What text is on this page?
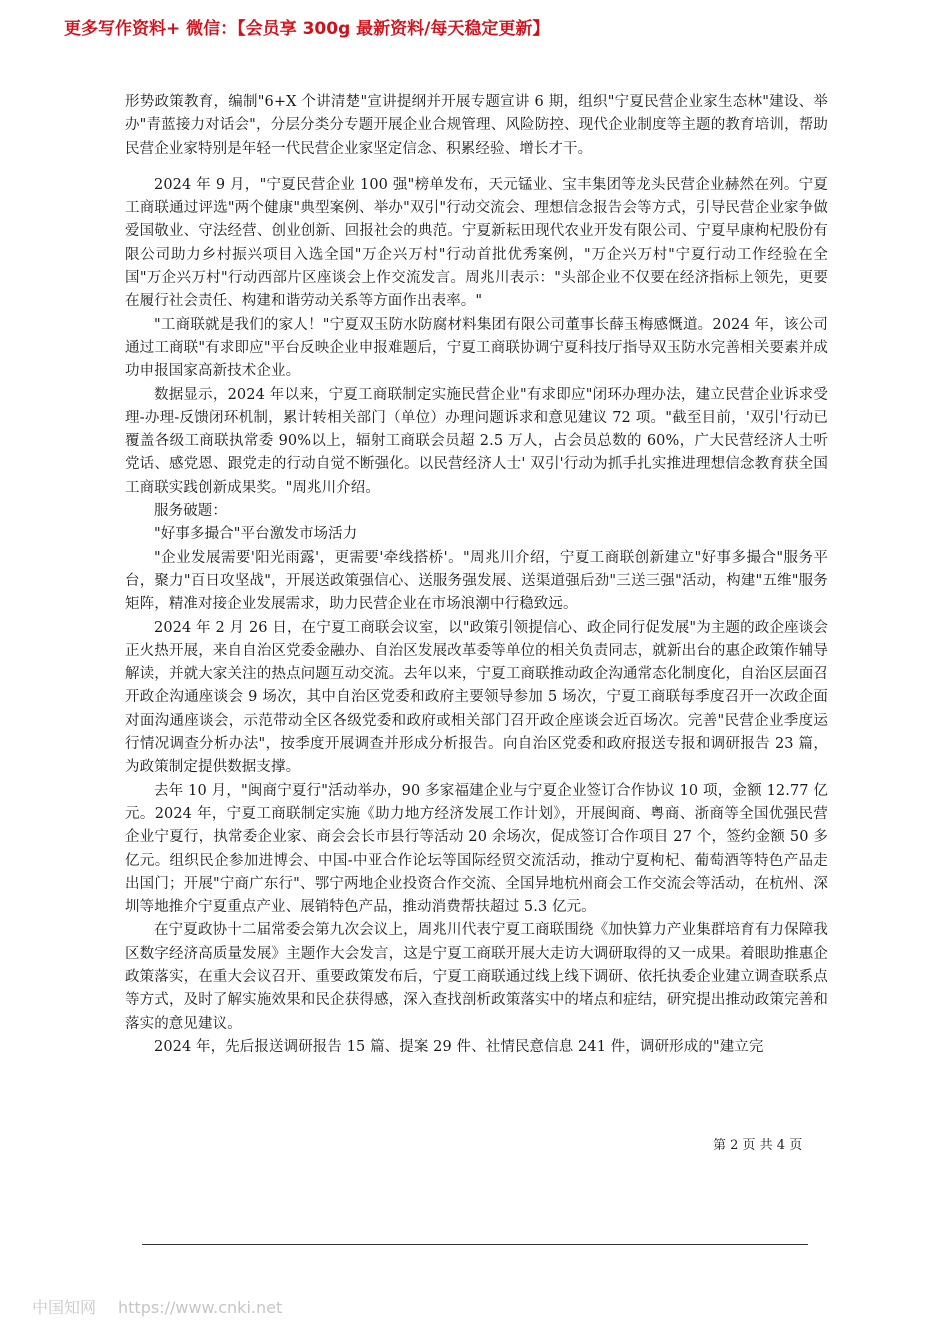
更多写作资料+ 微信：【会员享 300g 最新资料/每天稳定更新】

形势政策教育，编制"6+X 个讲清楚"宣讲提纲并开展专题宣讲 6 期，组织"宁夏民营企业家生态林"建设、举办"青蓝接力对话会"，分层分类分专题开展企业合规管理、风险防控、现代企业制度等主题的教育培训，帮助民营企业家特别是年轻一代民营企业家坚定信念、积累经验、增长才干。

2024 年 9 月，"宁夏民营企业 100 强"榜单发布，天元锰业、宝丰集团等龙头民营企业赫然在列。宁夏工商联通过评选"两个健康"典型案例、举办"双引"行动交流会、理想信念报告会等方式，引导民营企业家争做爱国敬业、守法经营、创业创新、回报社会的典范。宁夏新耘田现代农业开发有限公司、宁夏早康枸杞股份有限公司助力乡村振兴项目入选全国"万企兴万村"行动首批优秀案例，"万企兴万村"宁夏行动工作经验在全国"万企兴万村"行动西部片区座谈会上作交流发言。周兆川表示："头部企业不仅要在经济指标上领先，更要在履行社会责任、构建和谐劳动关系等方面作出表率。"

"工商联就是我们的家人！"宁夏双玉防水防腐材料集团有限公司董事长薛玉梅感慨道。2024 年，该公司通过工商联"有求即应"平台反映企业申报难题后，宁夏工商联协调宁夏科技厅指导双玉防水完善相关要素并成功申报国家高新技术企业。

数据显示，2024 年以来，宁夏工商联制定实施民营企业"有求即应"闭环办理办法，建立民营企业诉求受理-办理-反馈闭环机制，累计转相关部门（单位）办理问题诉求和意见建议 72 项。"截至目前，'双引'行动已覆盖各级工商联执常委 90%以上，辐射工商联会员超 2.5 万人，占会员总数的 60%，广大民营经济人士听党话、感党恩、跟党走的行动自觉不断强化。以民营经济人士' 双引'行动为抓手扎实推进理想信念教育获全国工商联实践创新成果奖。"周兆川介绍。

服务破题：

"好事多撮合"平台激发市场活力

"企业发展需要'阳光雨露'，更需要'牵线搭桥'。"周兆川介绍，宁夏工商联创新建立"好事多撮合"服务平台，聚力"百日攻坚战"，开展送政策强信心、送服务强发展、送渠道强后劲"三送三强"活动，构建"五维"服务矩阵，精准对接企业发展需求，助力民营企业在市场浪潮中行稳致远。

2024 年 2 月 26 日，在宁夏工商联会议室，以"政策引领提信心、政企同行促发展"为主题的政企座谈会正火热开展，来自自治区党委金融办、自治区发展改革委等单位的相关负责同志，就新出台的惠企政策作辅导解读，并就大家关注的热点问题互动交流。去年以来，宁夏工商联推动政企沟通常态化制度化，自治区层面召开政企沟通座谈会 9 场次，其中自治区党委和政府主要领导参加 5 场次，宁夏工商联每季度召开一次政企面对面沟通座谈会，示范带动全区各级党委和政府或相关部门召开政企座谈会近百场次。完善"民营企业季度运行情况调查分析办法"，按季度开展调查并形成分析报告。向自治区党委和政府报送专报和调研报告 23 篇，为政策制定提供数据支撑。

去年 10 月，"闽商宁夏行"活动举办，90 多家福建企业与宁夏企业签订合作协议 10 项，金额 12.77 亿元。2024 年，宁夏工商联制定实施《助力地方经济发展工作计划》，开展闽商、粤商、浙商等全国优强民营企业宁夏行，执常委企业家、商会会长市县行等活动 20 余场次，促成签订合作项目 27 个，签约金额 50 多亿元。组织民企参加进博会、中国-中亚合作论坛等国际经贸交流活动，推动宁夏枸杞、葡萄酒等特色产品走出国门；开展"宁商广东行"、鄂宁两地企业投资合作交流、全国异地杭州商会工作交流会等活动，在杭州、深圳等地推介宁夏重点产业、展销特色产品，推动消费帮扶超过 5.3 亿元。

在宁夏政协十二届常委会第九次会议上，周兆川代表宁夏工商联围绕《加快算力产业集群培育有力保障我区数字经济高质量发展》主题作大会发言，这是宁夏工商联开展大走访大调研取得的又一成果。着眼助推惠企政策落实，在重大会议召开、重要政策发布后，宁夏工商联通过线上线下调研、依托执委企业建立调查联系点等方式，及时了解实施效果和民企获得感，深入查找剖析政策落实中的堵点和症结，研究提出推动政策完善和落实的意见建议。

2024 年，先后报送调研报告 15 篇、提案 29 件、社情民意信息 241 件，调研形成的"建立完

第 2 页 共 4 页
中国知网 https://www.cnki.net
